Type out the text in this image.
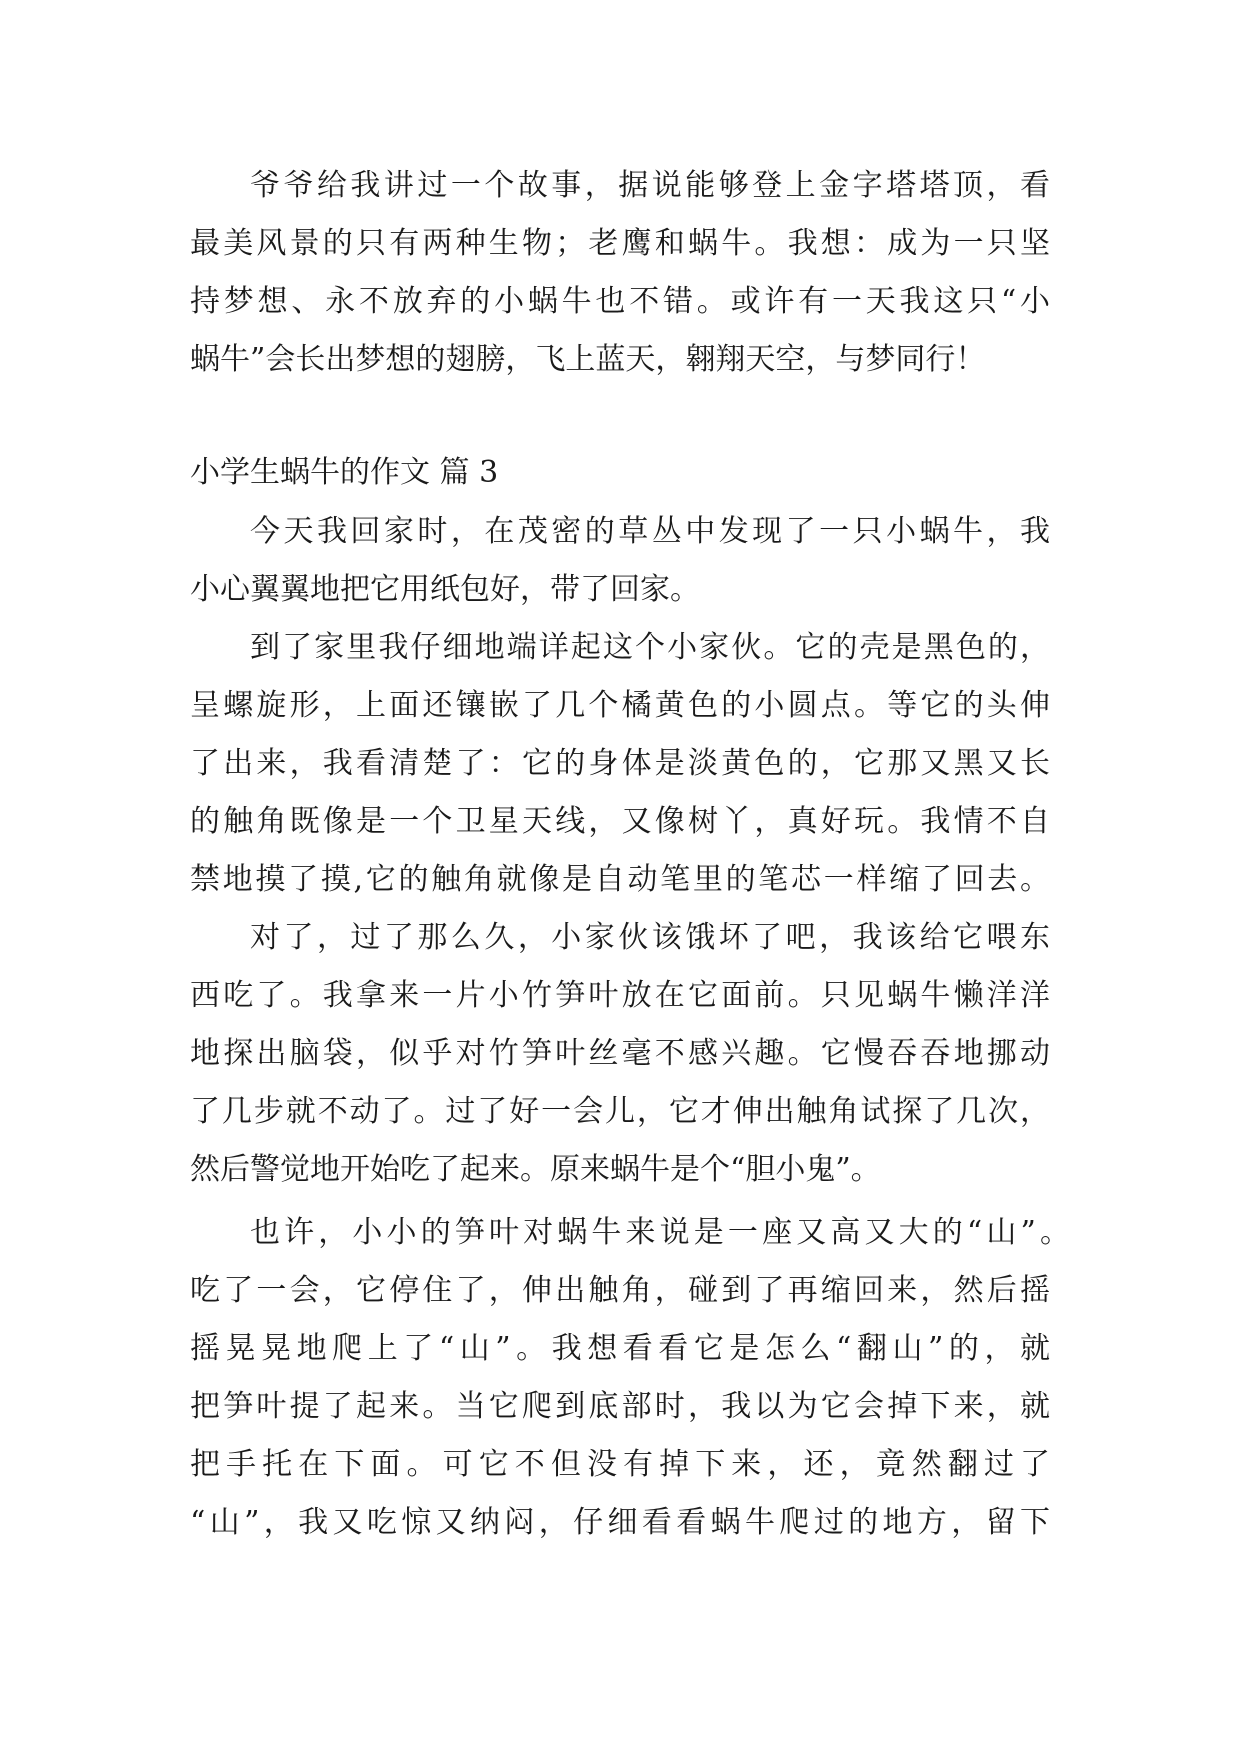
爷爷给我讲过一个故事，据说能够登上金字塔塔顶，看
最美风景的只有两种生物；老鹰和蜗牛。我想：成为一只坚
持梦想、永不放弃的小蜗牛也不错。或许有一天我这只“小
蜗牛”会长出梦想的翅膀，飞上蓝天，翱翔天空，与梦同行！
小学生蜗牛的作文 篇 3
今天我回家时，在茂密的草丛中发现了一只小蜗牛，我
小心翼翼地把它用纸包好，带了回家。
到了家里我仔细地端详起这个小家伙。它的壳是黑色的，
呈螺旋形，上面还镶嵌了几个橘黄色的小圆点。等它的头伸
了出来，我看清楚了：它的身体是淡黄色的，它那又黑又长
的触角既像是一个卫星天线，又像树丫，真好玩。我情不自
禁地摸了摸,它的触角就像是自动笔里的笔芯一样缩了回去。
对了，过了那么久，小家伙该饿坏了吧，我该给它喂东
西吃了。我拿来一片小竹笋叶放在它面前。只见蜗牛懒洋洋
地探出脑袋，似乎对竹笋叶丝毫不感兴趣。它慢吞吞地挪动
了几步就不动了。过了好一会儿，它才伸出触角试探了几次，
然后警觉地开始吃了起来。原来蜗牛是个“胆小鬼”。
也许，小小的笋叶对蜗牛来说是一座又高又大的“山”。
吃了一会，它停住了，伸出触角，碰到了再缩回来，然后摇
摇晃晃地爬上了“山”。我想看看它是怎么“翻山”的，就
把笋叶提了起来。当它爬到底部时，我以为它会掉下来，就
把手托在下面。可它不但没有掉下来，还，竟然翻过了
“山”，我又吃惊又纳闷，仔细看看蜗牛爬过的地方，留下
